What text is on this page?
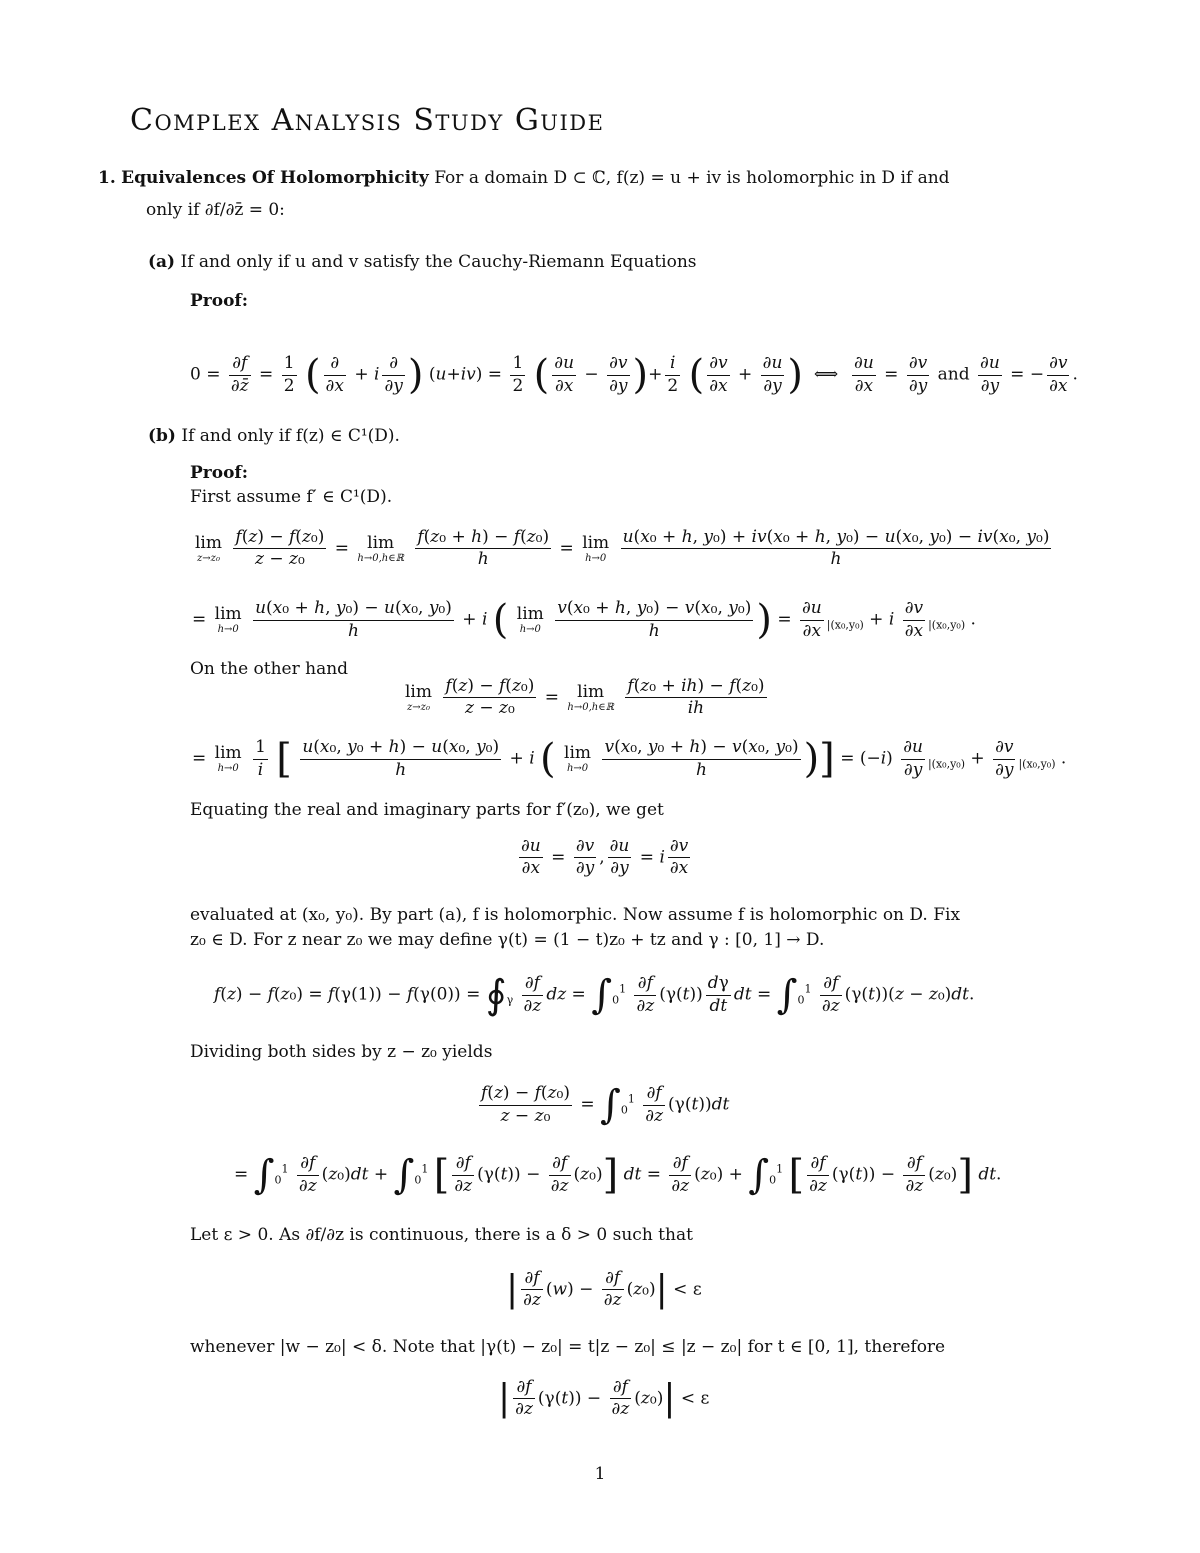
Complex Analysis Study Guide
1. Equivalences Of Holomorphicity For a domain D ⊂ ℂ, f(z) = u + iv is holomorphic in D if and
only if ∂f/∂z̄ = 0:
(a) If and only if u and v satisfy the Cauchy-Riemann Equations
Proof:
$0 = \frac{\partial f}{\partial z̄} = \frac{1}{2}$ ( $\frac{\partial}{\partial x} + i \frac{\partial}{\partial y}$ ) $(u+iv) = \frac{1}{2}$ ( $\frac{\partial u}{\partial x} - \frac{\partial v}{\partial y}$ )+ $\frac{i}{2}$ ( $\frac{\partial v}{\partial x} + \frac{\partial u}{\partial y}$ )  ⟺ $\frac{\partial u}{\partial x} = \frac{\partial v}{\partial y}$ and $\frac{\partial u}{\partial y}$ = − $\frac{\partial v}{\partial x}$ .
(b) If and only if f(z) ∈ C¹(D).
Proof:
First assume f′ ∈ C¹(D).
lim
z→z₀
$\frac{\text{f(z) − f(z₀)}}{\text{z − z₀}} = \lim$
h→0,h∈ℝ
$\frac{\text{f(z₀ + h) − f(z₀)}}{h} = \lim$
h→0
$\frac{\text{u(x₀ + h, y₀) + iv(x₀ + h, y₀) − u(x₀, y₀) − iv(x₀, y₀)}}{h}$
= lim
h→0
$\frac{\text{u(x₀ + h, y₀) − u(x₀, y₀)}}{h} + i$ ( lim
h→0
$\frac{\text{v(x₀ + h, y₀) − v(x₀, y₀)}}{h}$ ) = $\frac{\partial u}{\partial x} _{|(x_0,y_0)} + i \frac{\partial v}{\partial x} _{|(x_0,y_0)}$ .
On the other hand
lim
z→z₀
$\frac{\text{f(z) − f(z₀)}}{\text{z − z₀}} = \lim$
h→0,h∈ℝ
$\frac{\text{f(z₀ + ih) − f(z₀)}}{ih}$
= lim
h→0
$\frac{1}{i}$ [ $\frac{\text{u(x₀, y₀ + h) − u(x₀, y₀)}}{h} + i$ ( lim
h→0
$\frac{\text{v(x₀, y₀ + h) − v(x₀, y₀)}}{h}$ )] = $(-i) \frac{\partial u}{\partial y} _{|(x_0,y_0)} + \frac{\partial v}{\partial y} _{|(x_0,y_0)}$ .
Equating the real and imaginary parts for f′(z₀), we get
$\frac{\partial u}{\partial x} = \frac{\partial v}{\partial y}$ , $\frac{\partial u}{\partial y} = i \frac{\partial v}{\partial x}$
evaluated at (x₀, y₀). By part (a), f is holomorphic. Now assume f is holomorphic on D. Fix
z₀ ∈ D. For z near z₀ we may define γ(t) = (1 − t)z₀ + tz and γ : [0, 1] → D.
$f(z) - f(z_0) = f(\gamma(1)) - f(\gamma(0)) = ∮_\gamma \frac{\partial f}{\partial z}$ dz = $\int_0^1 \frac{\partial f}{\partial z} (\gamma(t)) \frac{d\gamma}{dt}$ dt = $\int_0^1 \frac{\partial f}{\partial z} (\gamma(t))(z - z_0)dt$.
Dividing both sides by z − z₀ yields
$\frac{\text{f(z) − f(z₀)}}{\text{z − z₀}} = \int_0^1 \frac{\partial f}{\partial z} (\gamma(t))dt$
= $\int_0^1 \frac{\partial f}{\partial z} (z_0)dt + \int_0^1$ [ $\frac{\partial f}{\partial z} (\gamma(t)) - \frac{\partial f}{\partial z} (z_0)$] dt = $\frac{\partial f}{\partial z} (z_0) + \int_0^1$ [ $\frac{\partial f}{\partial z} (\gamma(t)) - \frac{\partial f}{\partial z} (z_0)$] dt.
Let ε > 0. As ∂f/∂z is continuous, there is a δ > 0 such that
| $\frac{\partial f}{\partial z} (w) - \frac{\partial f}{\partial z} (z_0)| < \varepsilon$
whenever |w − z₀| < δ. Note that |γ(t) − z₀| = t|z − z₀| ≤ |z − z₀| for t ∈ [0, 1], therefore
| $\frac{\partial f}{\partial z} (\gamma(t)) - \frac{\partial f}{\partial z} (z_0)| < \varepsilon$
1
